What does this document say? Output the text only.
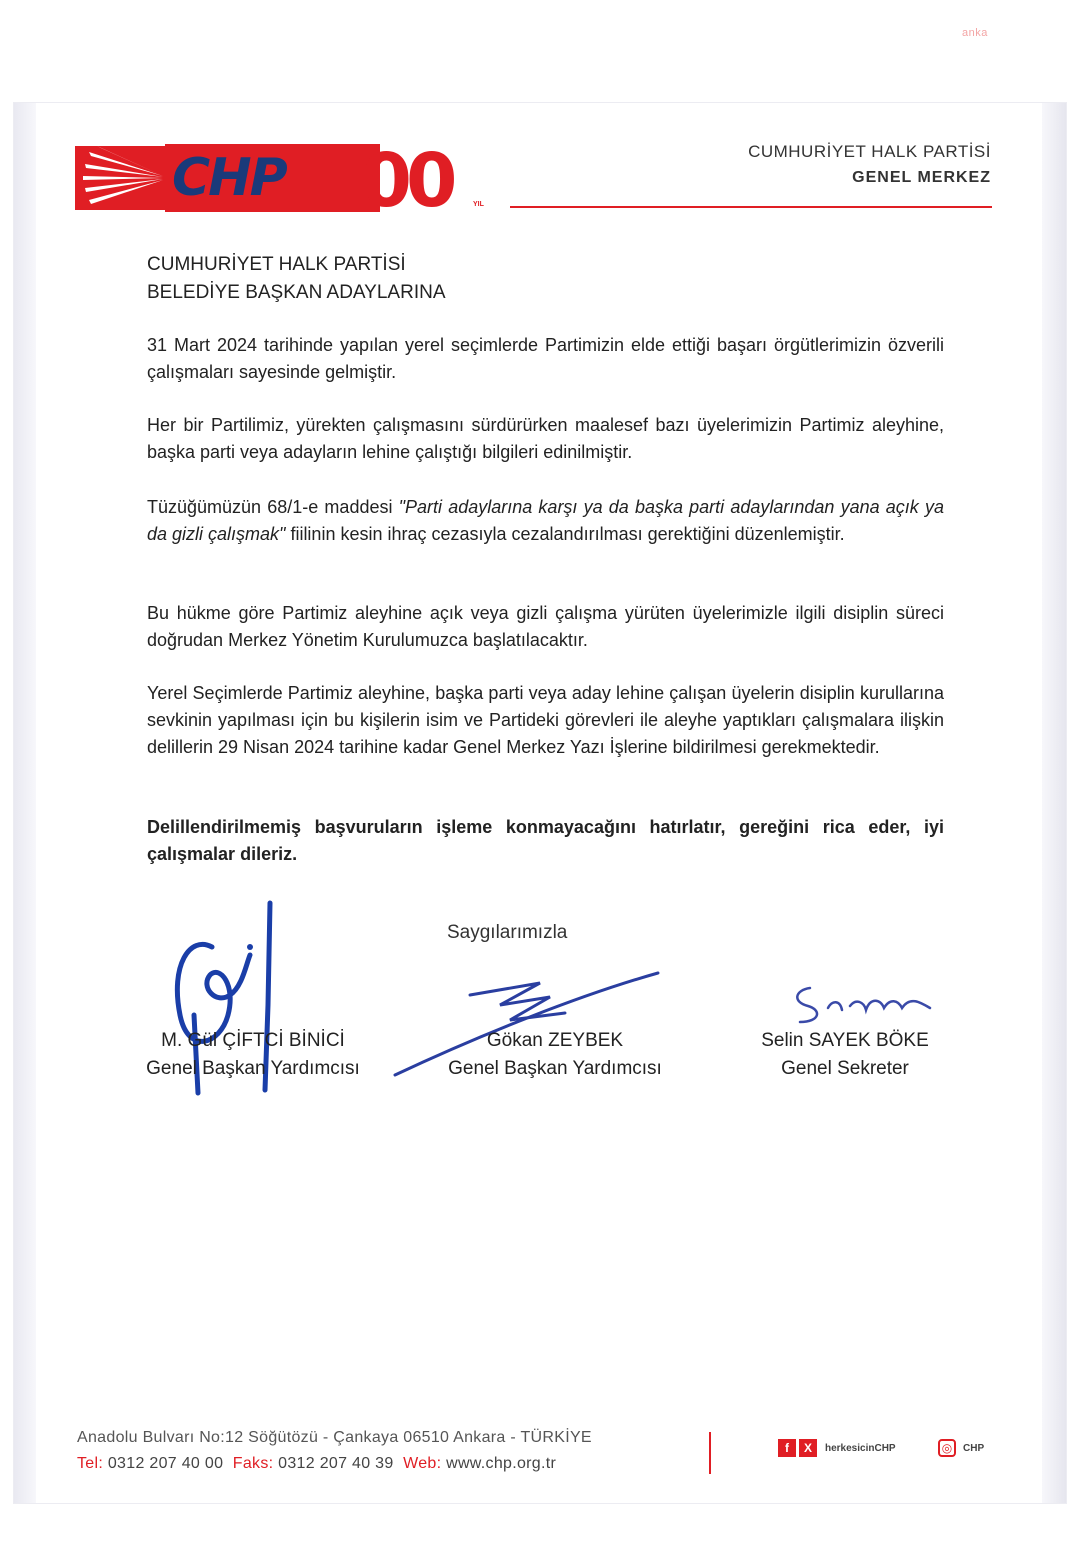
anka
CHP 100	YIL
CUMHURİYET HALK PARTİSİ
GENEL MERKEZ
CUMHURİYET HALK PARTİSİ
BELEDİYE BAŞKAN ADAYLARINA
31 Mart 2024 tarihinde yapılan yerel seçimlerde Partimizin elde ettiği başarı örgütlerimizin özverili çalışmaları sayesinde gelmiştir.
Her bir Partilimiz, yürekten çalışmasını sürdürürken maalesef bazı üyelerimizin Partimiz aleyhine, başka parti veya adayların lehine çalıştığı bilgileri edinilmiştir.
Tüzüğümüzün 68/1-e maddesi "Parti adaylarına karşı ya da başka parti adaylarından yana açık ya da gizli çalışmak" fiilinin kesin ihraç cezasıyla cezalandırılması gerektiğini düzenlemiştir.
Bu hükme göre Partimiz aleyhine açık veya gizli çalışma yürüten üyelerimizle ilgili disiplin süreci doğrudan Merkez Yönetim Kurulumuzca başlatılacaktır.
Yerel Seçimlerde Partimiz aleyhine, başka parti veya aday lehine çalışan üyelerin disiplin kurullarına sevkinin yapılması için bu kişilerin isim ve Partideki görevleri ile aleyhe yaptıkları çalışmalara ilişkin delillerin 29 Nisan 2024 tarihine kadar Genel Merkez Yazı İşlerine bildirilmesi gerekmektedir.
Delillendirilmemiş başvuruların işleme konmayacağını hatırlatır, gereğini rica eder, iyi çalışmalar dileriz.
Saygılarımızla
M. Gül ÇİFTCİ BİNİCİ
Genel Başkan Yardımcısı
Gökan ZEYBEK
Genel Başkan Yardımcısı
Selin SAYEK BÖKE
Genel Sekreter
Anadolu Bulvarı No:12 Söğütözü - Çankaya 06510 Ankara - TÜRKİYE
Tel: 0312 207 40 00 Faks: 0312 207 40 39 Web: www.chp.org.tr
f	X	herkesicinCHP	◎	CHP
